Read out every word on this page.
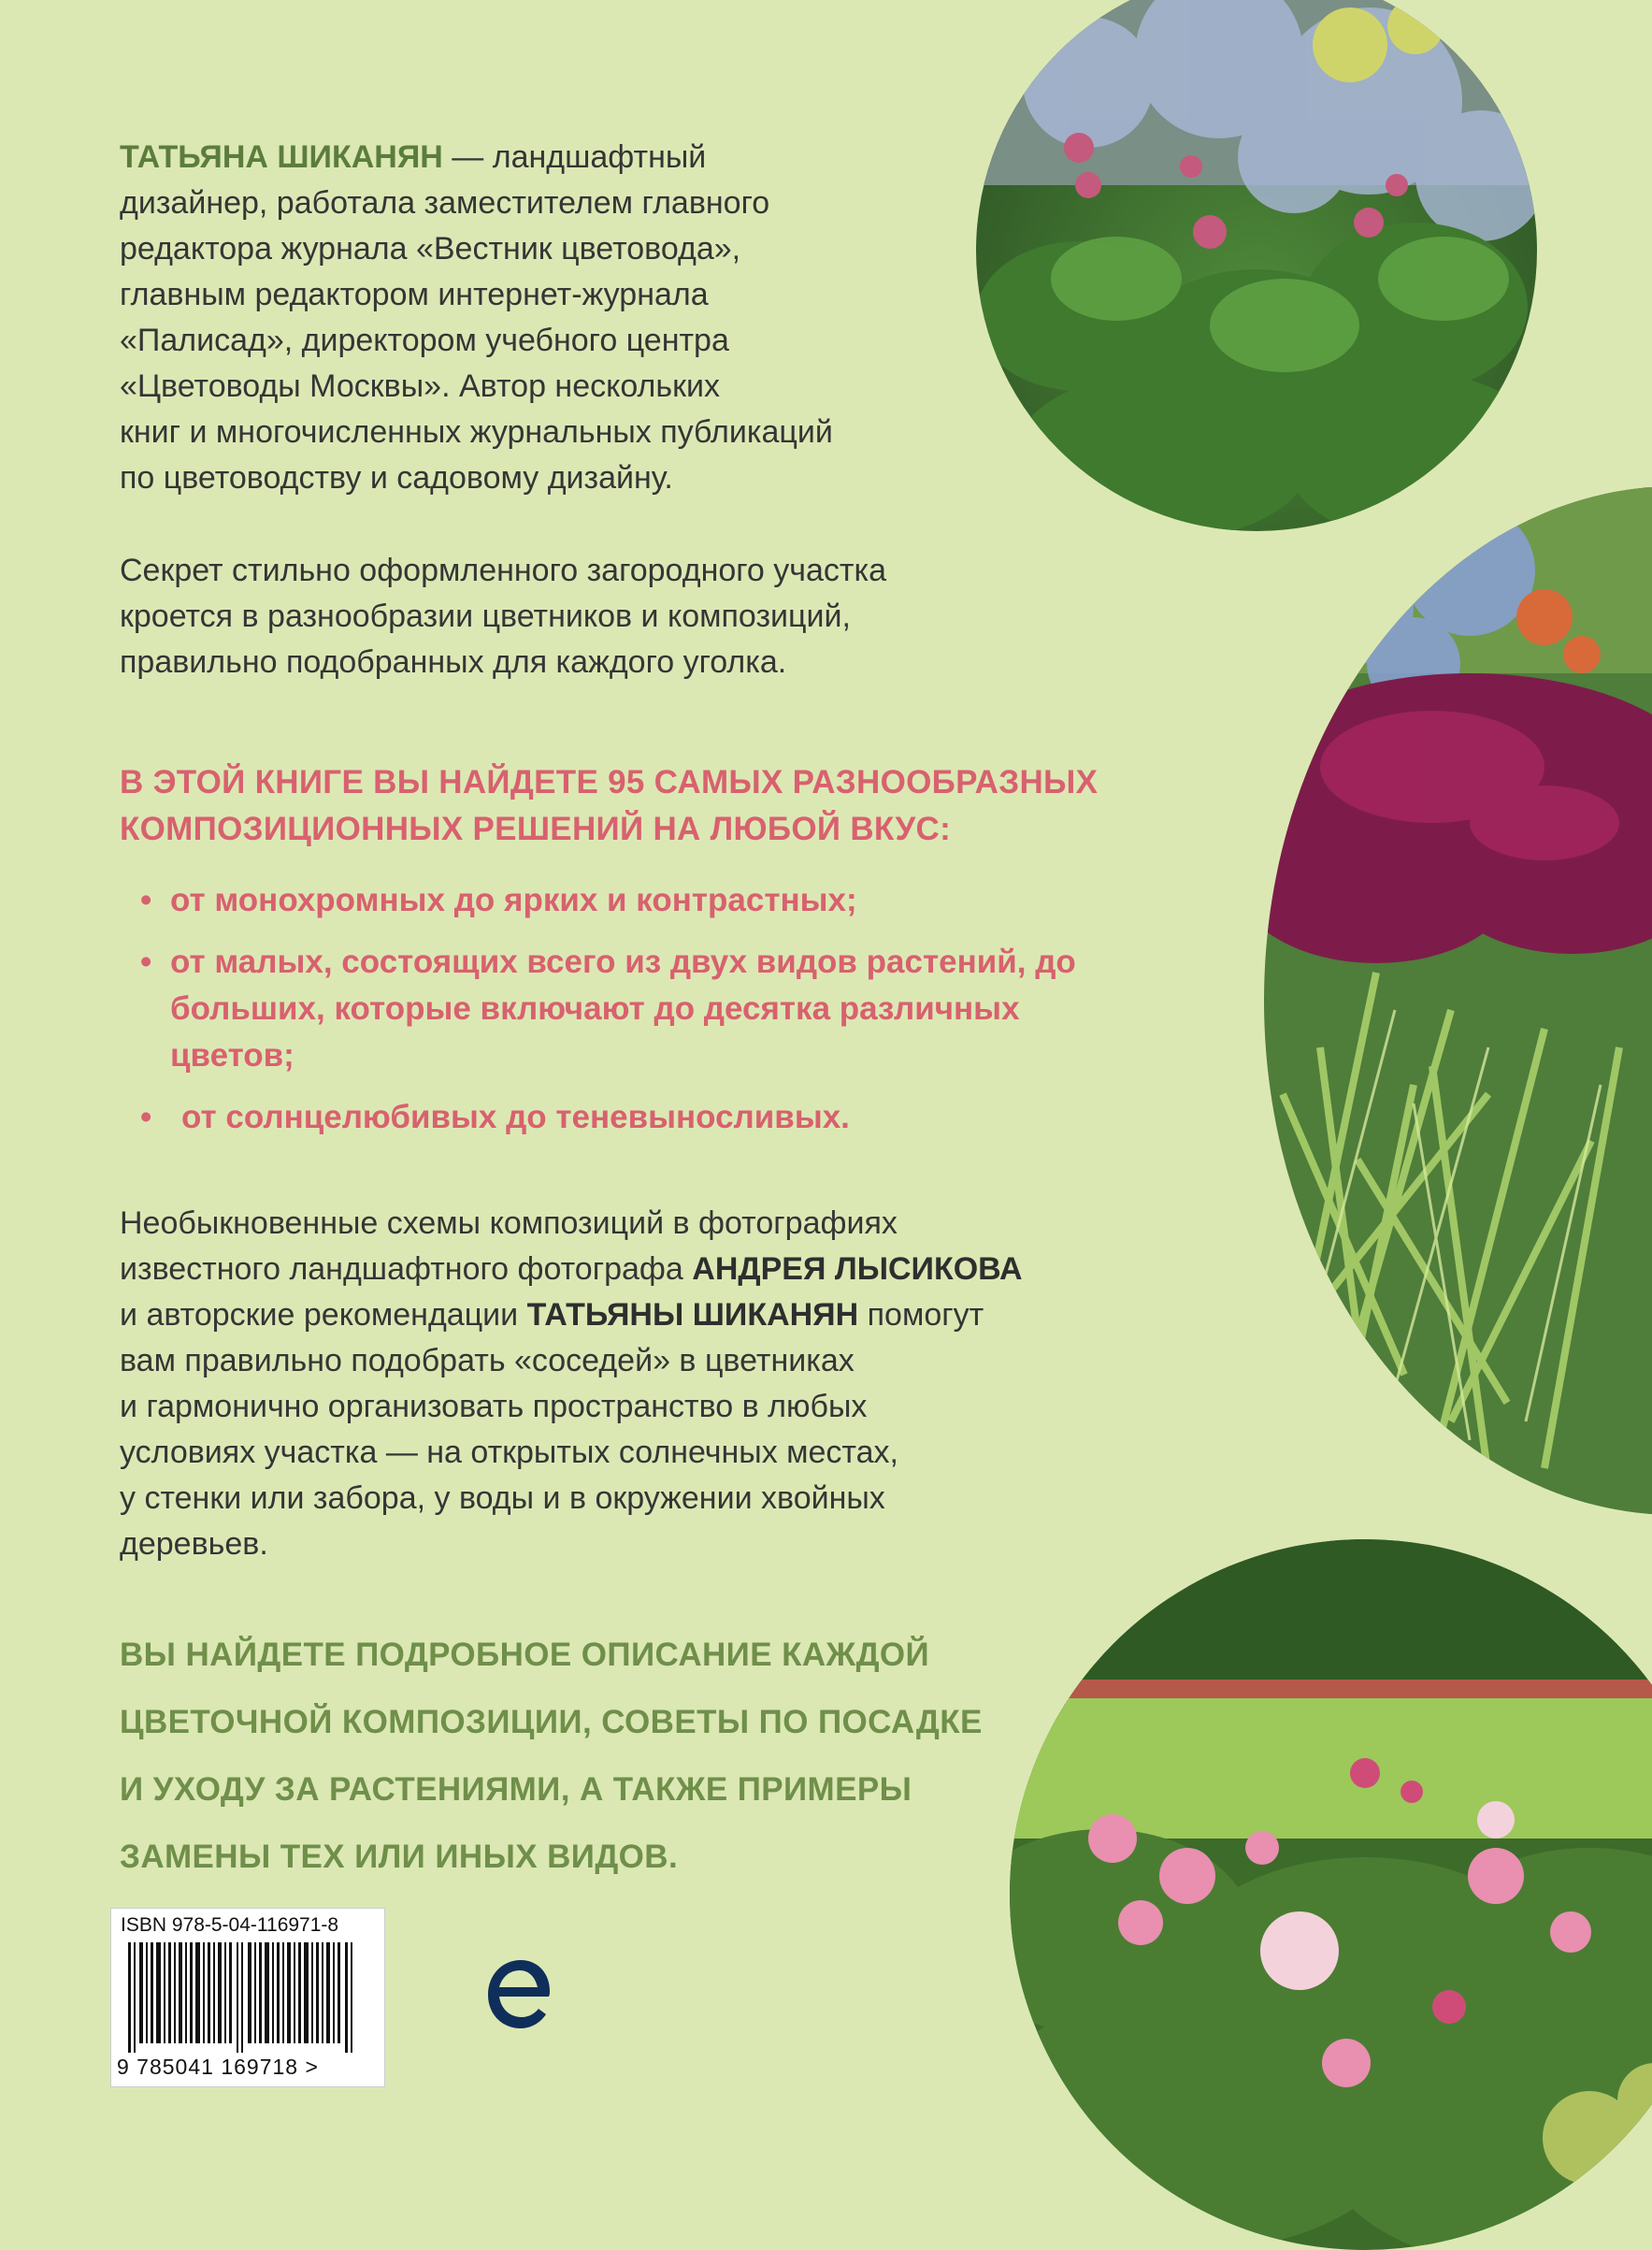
ТАТЬЯНА ШИКАНЯН — ландшафтный

дизайнер, работала заместителем главного

редактора журнала «Вестник цветовода»,

главным редактором интернет-журнала

«Палисад», директором учебного центра

«Цветоводы Москвы». Автор нескольких

книг и многочисленных журнальных публикаций

по цветоводству и садовому дизайну.

Секрет стильно оформленного загородного участка

кроется в разнообразии цветников и композиций,

правильно подобранных для каждого уголка.

В ЭТОЙ КНИГЕ ВЫ НАЙДЕТЕ 95 САМЫХ РАЗНООБРАЗНЫХ
КОМПОЗИЦИОННЫХ РЕШЕНИЙ НА ЛЮБОЙ ВКУС:
• от монохромных до ярких и контрастных;
• от малых, состоящих всего из двух видов растений, до больших, которые включают до десятка различных цветов;
• от солнцелюбивых до теневыносливых.

Необыкновенные схемы композиций в фотографиях

известного ландшафтного фотографа АНДРЕЯ ЛЫСИКОВА

и авторские рекомендации ТАТЬЯНЫ ШИКАНЯН помогут

вам правильно подобрать «соседей» в цветниках

и гармонично организовать пространство в любых

условиях участка — на открытых солнечных местах,

у стенки или забора, у воды и в окружении хвойных

деревьев.

ВЫ НАЙДЕТЕ ПОДРОБНОЕ ОПИСАНИЕ КАЖДОЙ
ЦВЕТОЧНОЙ КОМПОЗИЦИИ, СОВЕТЫ ПО ПОСАДКЕ
И УХОДУ ЗА РАСТЕНИЯМИ, А ТАКЖЕ ПРИМЕРЫ
ЗАМЕНЫ ТЕХ ИЛИ ИНЫХ ВИДОВ.
ISBN 978-5-04-116971-8
9 785041 169718 >
